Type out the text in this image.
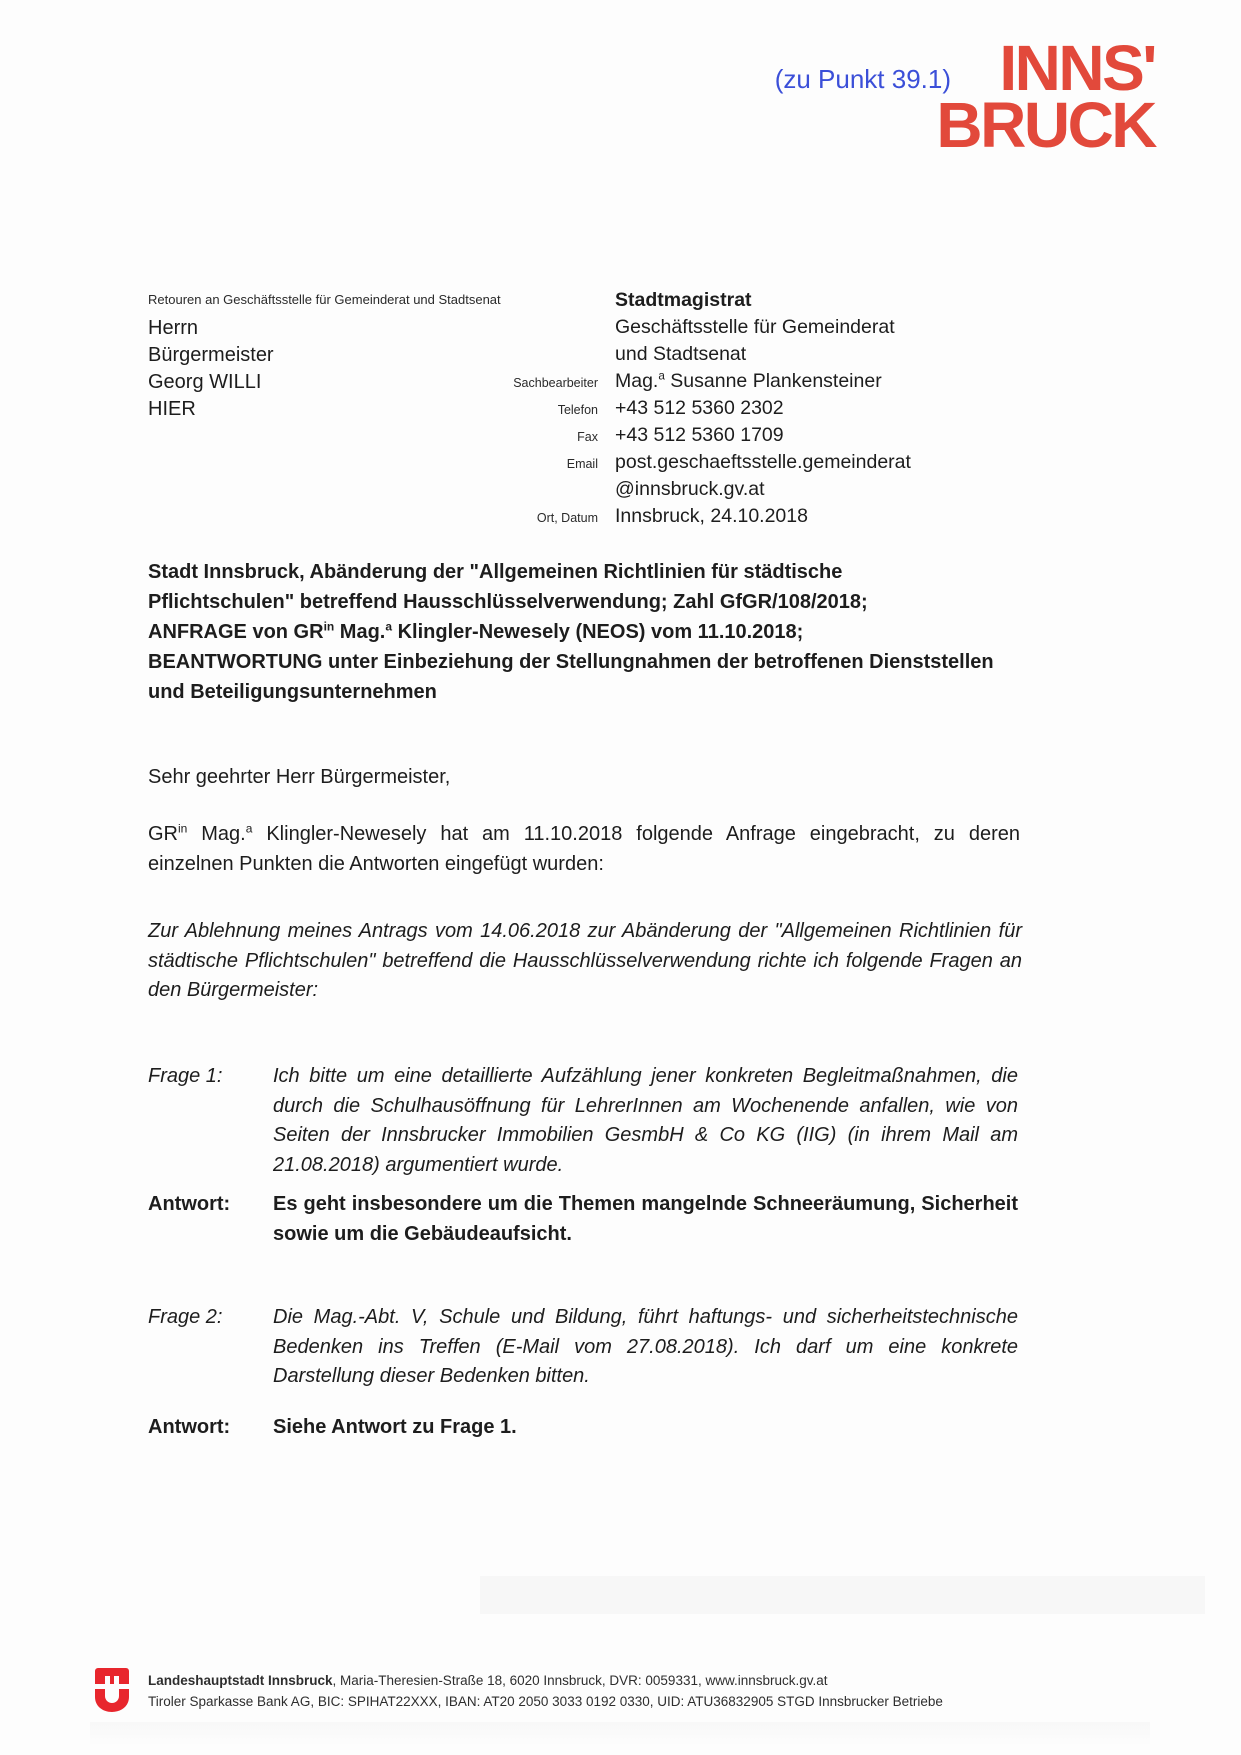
(zu Punkt 39.1) INNS'
BRUCK
Retouren an Geschäftsstelle für Gemeinderat und Stadtsenat
Herrn
Bürgermeister
Georg WILLI
HIER
Stadtmagistrat
Geschäftsstelle für Gemeinderat
und Stadtsenat
Sachbearbeiter Mag.$^a$ Susanne Plankensteiner
Telefon +43 512 5360 2302
Fax +43 512 5360 1709
Email post.geschaeftsstelle.gemeinderat
@innsbruck.gv.at
Ort, Datum Innsbruck, 24.10.2018
Stadt Innsbruck, Abänderung der "Allgemeinen Richtlinien für städtische
Pflichtschulen" betreffend Hausschlüsselverwendung; Zahl GfGR/108/2018;
ANFRAGE von $GR^{in}$ Mag.$^a$ Klingler-Newesely (NEOS) vom 11.10.2018;
BEANTWORTUNG unter Einbeziehung der Stellungnahmen der betroffenen Dienststellen
und Beteiligungsunternehmen
Sehr geehrter Herr Bürgermeister,
$GR^{in}$ Mag.$^a$ Klingler-Newesely hat am 11.10.2018 folgende Anfrage eingebracht, zu deren einzelnen Punkten die Antworten eingefügt wurden:
Zur Ablehnung meines Antrags vom 14.06.2018 zur Abänderung der "Allgemeinen Richtlinien für städtische Pflichtschulen" betreffend die Hausschlüsselverwendung richte ich folgende Fragen an den Bürgermeister:
Frage 1:	Ich bitte um eine detaillierte Aufzählung jener konkreten Begleitmaßnahmen, die durch die Schulhausöffnung für LehrerInnen am Wochenende anfallen, wie von Seiten der Innsbrucker Immobilien GesmbH & Co KG (IIG) (in ihrem Mail am 21.08.2018) argumentiert wurde.
Antwort:	Es geht insbesondere um die Themen mangelnde Schneeräumung, Sicherheit sowie um die Gebäudeaufsicht.
Frage 2:	Die Mag.-Abt. V, Schule und Bildung, führt haftungs- und sicherheitstechnische Bedenken ins Treffen (E-Mail vom 27.08.2018). Ich darf um eine konkrete Darstellung dieser Bedenken bitten.
Antwort:	Siehe Antwort zu Frage 1.
Landeshauptstadt Innsbruck, Maria-Theresien-Straße 18, 6020 Innsbruck, DVR: 0059331, www.innsbruck.gv.at
Tiroler Sparkasse Bank AG, BIC: SPIHAT22XXX, IBAN: AT20 2050 3033 0192 0330, UID: ATU36832905 STGD Innsbrucker Betriebe
